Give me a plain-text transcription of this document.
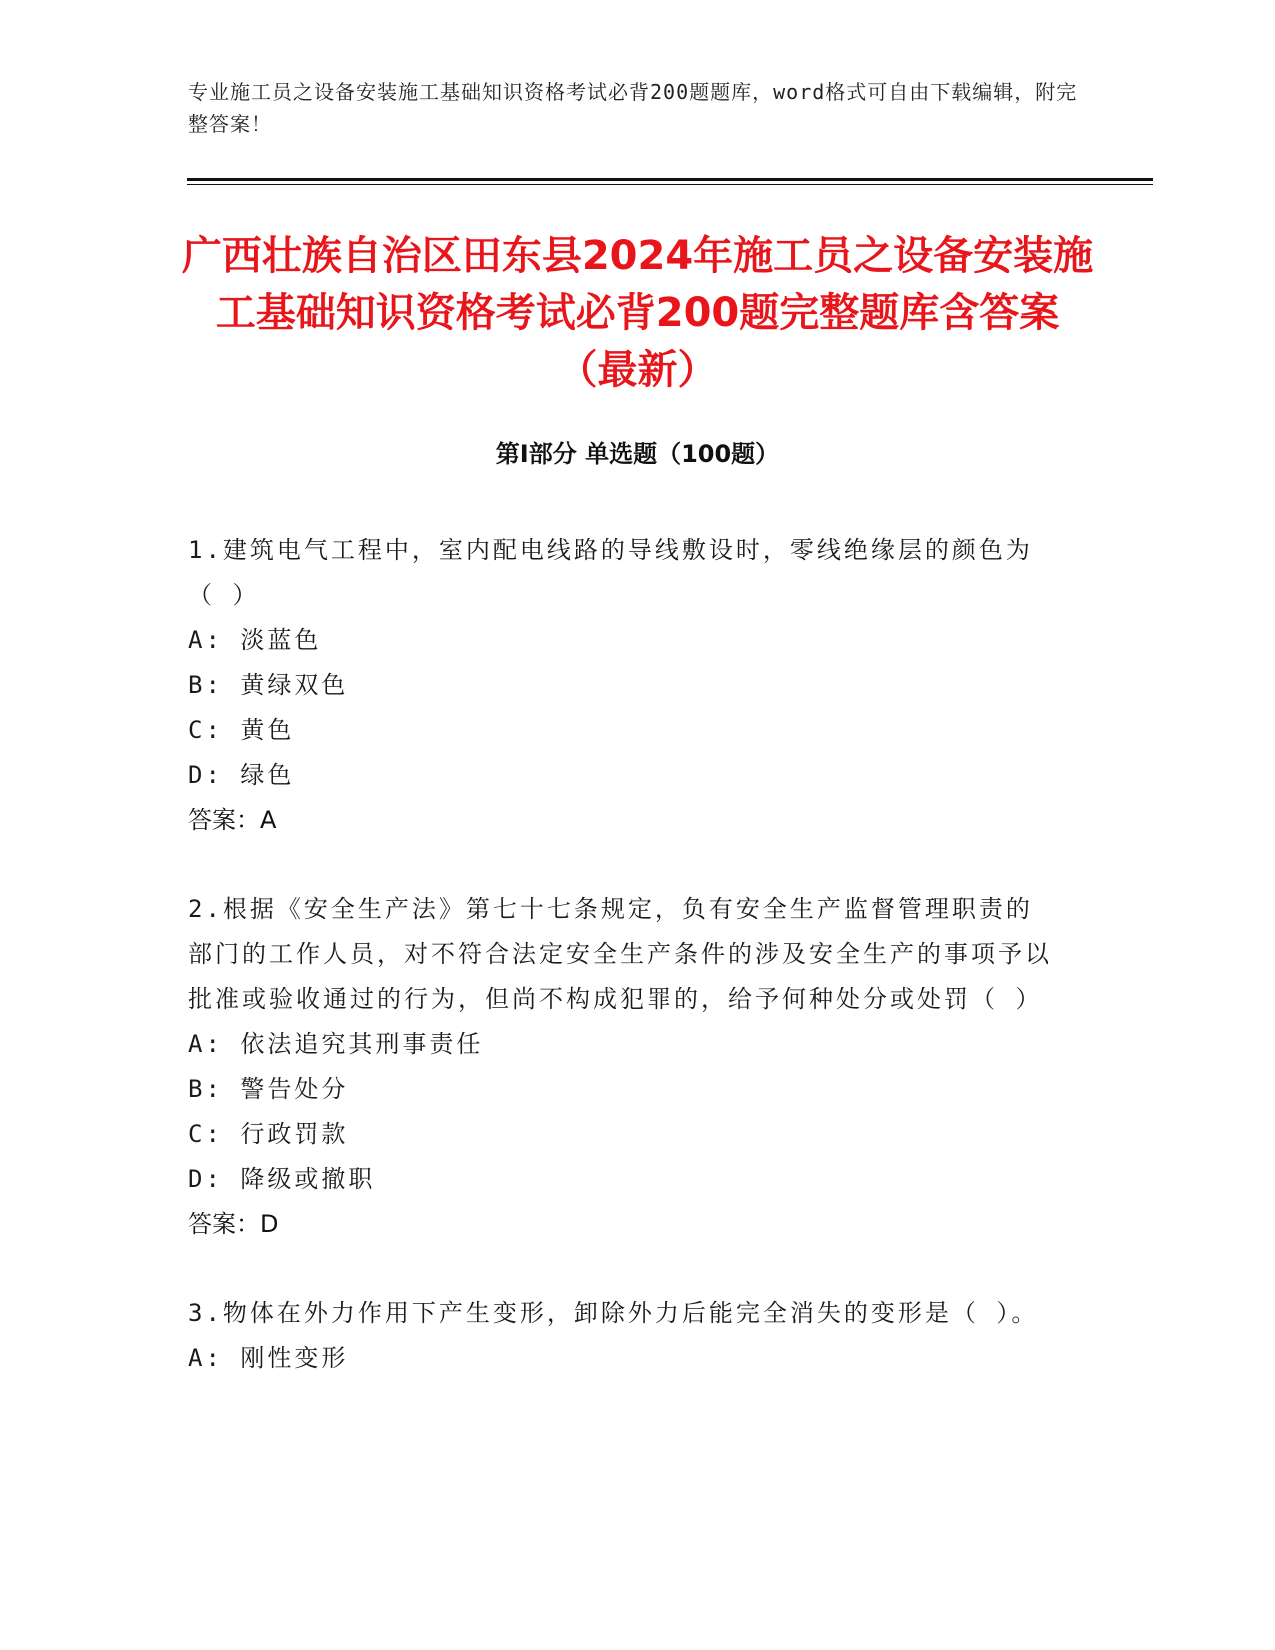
专业施工员之设备安装施工基础知识资格考试必背200题题库，word格式可自由下载编辑，附完整答案！
广西壮族自治区田东县2024年施工员之设备安装施工基础知识资格考试必背200题完整题库含答案（最新）
第Ⅰ部分 单选题（100题）
1.建筑电气工程中，室内配电线路的导线敷设时，零线绝缘层的颜色为（ ）
A: 淡蓝色
B: 黄绿双色
C: 黄色
D: 绿色
答案：A
2.根据《安全生产法》第七十七条规定，负有安全生产监督管理职责的部门的工作人员，对不符合法定安全生产条件的涉及安全生产的事项予以批准或验收通过的行为，但尚不构成犯罪的，给予何种处分或处罚（ ）
A: 依法追究其刑事责任
B: 警告处分
C: 行政罚款
D: 降级或撤职
答案：D
3.物体在外力作用下产生变形，卸除外力后能完全消失的变形是（ ）。
A: 刚性变形
